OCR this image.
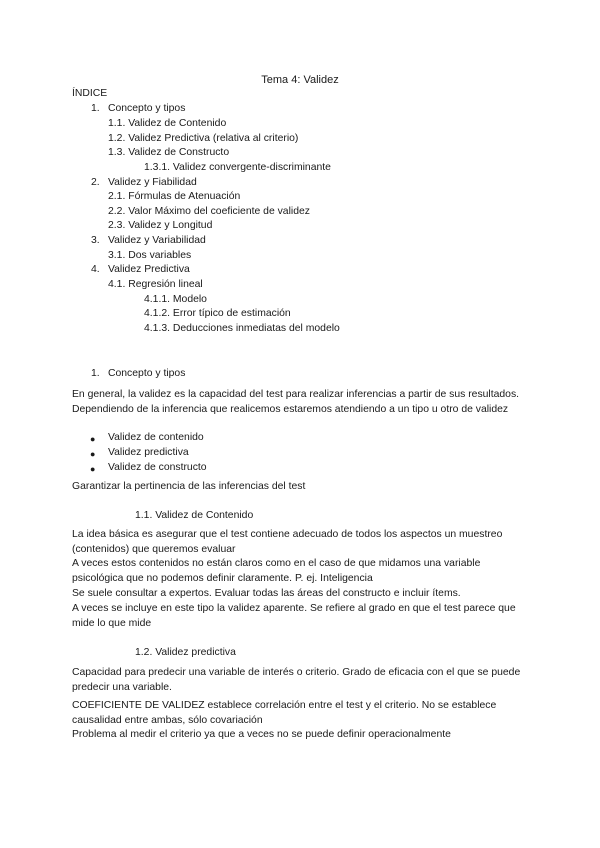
Tema 4: Validez
ÍNDICE
1. Concepto y tipos
1.1. Validez de Contenido
1.2. Validez Predictiva (relativa al criterio)
1.3. Validez de Constructo
1.3.1. Validez convergente-discriminante
2. Validez y Fiabilidad
2.1. Fórmulas de Atenuación
2.2. Valor Máximo del coeficiente de validez
2.3. Validez y Longitud
3. Validez y Variabilidad
3.1. Dos variables
4. Validez Predictiva
4.1. Regresión lineal
4.1.1. Modelo
4.1.2. Error típico de estimación
4.1.3. Deducciones inmediatas del modelo
1. Concepto y tipos
En general, la validez es la capacidad del test para realizar inferencias a partir de sus resultados. Dependiendo de la inferencia que realicemos estaremos atendiendo a un tipo u otro de validez
● Validez de contenido
● Validez predictiva
● Validez de constructo
Garantizar la pertinencia de las inferencias del test
1.1. Validez de Contenido
La idea básica es asegurar que el test contiene adecuado de todos los aspectos un muestreo (contenidos) que queremos evaluar
A veces estos contenidos no están claros como en el caso de que midamos una variable psicológica que no podemos definir claramente. P. ej. Inteligencia
Se suele consultar a expertos. Evaluar todas las áreas del constructo e incluir ítems.
A veces se incluye en este tipo la validez aparente. Se refiere al grado en que el test parece que mide lo que mide
1.2. Validez predictiva
Capacidad para predecir una variable de interés o criterio. Grado de eficacia con el que se puede predecir una variable.
COEFICIENTE DE VALIDEZ establece correlación entre el test y el criterio. No se establece causalidad entre ambas, sólo covariación
Problema al medir el criterio ya que a veces no se puede definir operacionalmente
